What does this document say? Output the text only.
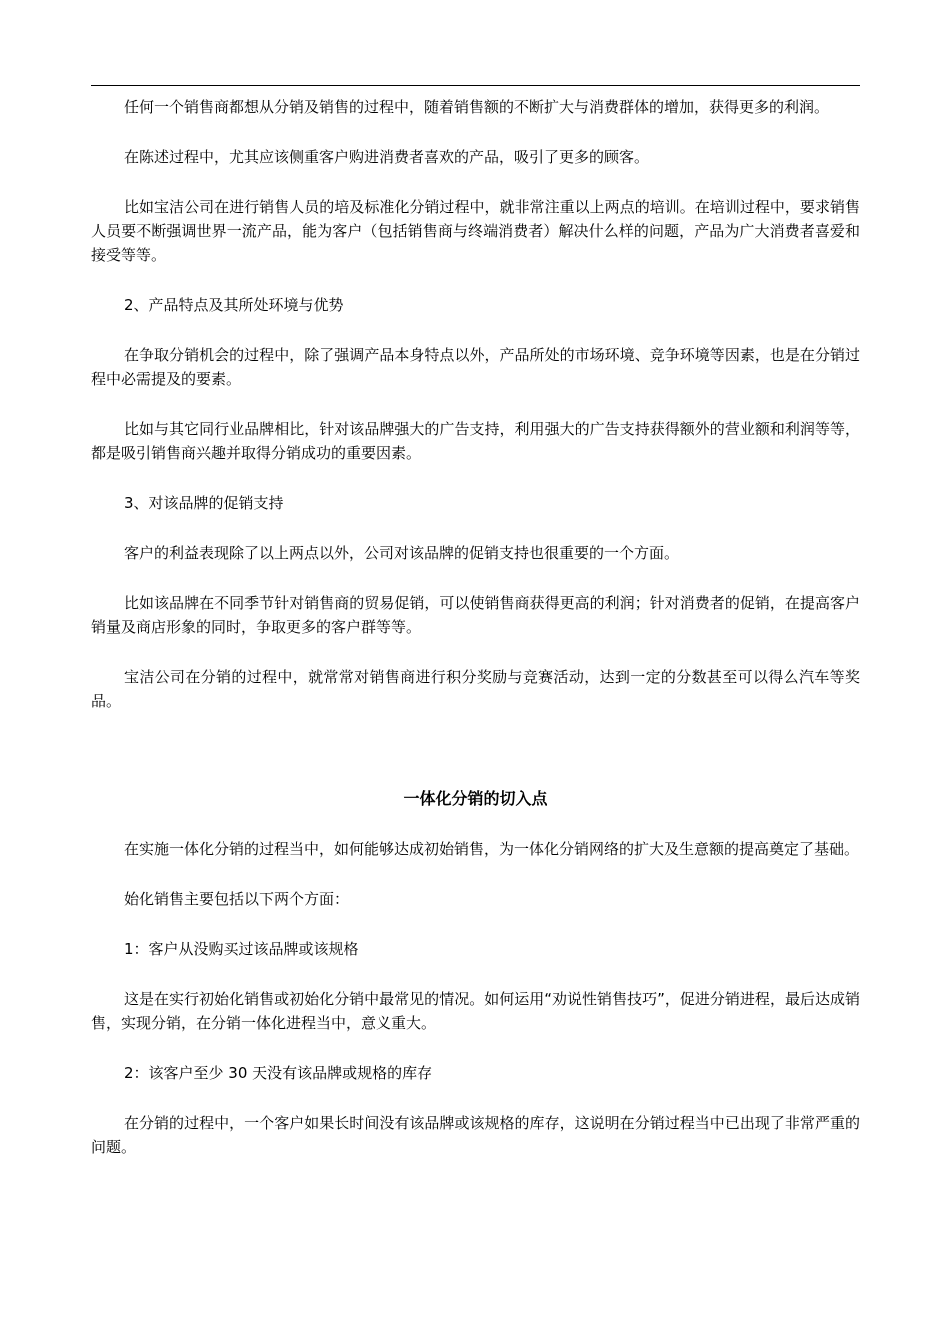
任何一个销售商都想从分销及销售的过程中，随着销售额的不断扩大与消费群体的增加，获得更多的利润。

在陈述过程中，尤其应该侧重客户购进消费者喜欢的产品，吸引了更多的顾客。

比如宝洁公司在进行销售人员的培及标准化分销过程中，就非常注重以上两点的培训。在培训过程中，要求销售人员要不断强调世界一流产品，能为客户（包括销售商与终端消费者）解决什么样的问题，产品为广大消费者喜爱和接受等等。

2、产品特点及其所处环境与优势

在争取分销机会的过程中，除了强调产品本身特点以外，产品所处的市场环境、竞争环境等因素，也是在分销过程中必需提及的要素。

比如与其它同行业品牌相比，针对该品牌强大的广告支持，利用强大的广告支持获得额外的营业额和利润等等，都是吸引销售商兴趣并取得分销成功的重要因素。

3、对该品牌的促销支持

客户的利益表现除了以上两点以外，公司对该品牌的促销支持也很重要的一个方面。

比如该品牌在不同季节针对销售商的贸易促销，可以使销售商获得更高的利润；针对消费者的促销，在提高客户销量及商店形象的同时，争取更多的客户群等等。

宝洁公司在分销的过程中，就常常对销售商进行积分奖励与竞赛活动，达到一定的分数甚至可以得么汽车等奖品。

一体化分销的切入点

在实施一体化分销的过程当中，如何能够达成初始销售，为一体化分销网络的扩大及生意额的提高奠定了基础。

始化销售主要包括以下两个方面：

1：客户从没购买过该品牌或该规格

这是在实行初始化销售或初始化分销中最常见的情况。如何运用“劝说性销售技巧”，促进分销进程，最后达成销售，实现分销，在分销一体化进程当中，意义重大。

2：该客户至少 30 天没有该品牌或规格的库存

在分销的过程中，一个客户如果长时间没有该品牌或该规格的库存，这说明在分销过程当中已出现了非常严重的问题。
